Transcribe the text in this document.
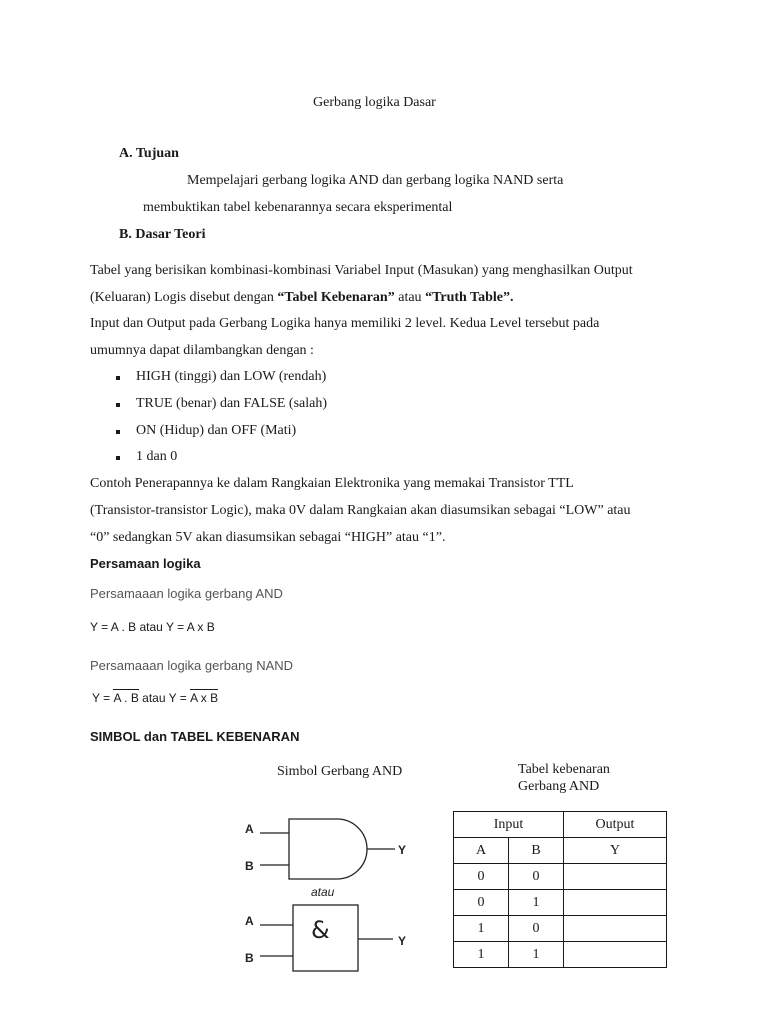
Gerbang logika Dasar
A. Tujuan
Mempelajari gerbang logika AND dan gerbang logika NAND serta
membuktikan tabel kebenarannya secara eksperimental
B. Dasar Teori
Tabel yang berisikan kombinasi-kombinasi Variabel Input (Masukan) yang menghasilkan Output
(Keluaran) Logis disebut dengan “Tabel Kebenaran” atau “Truth Table”.
Input dan Output pada Gerbang Logika hanya memiliki 2 level. Kedua Level tersebut pada
umumnya dapat dilambangkan dengan :
HIGH (tinggi) dan LOW (rendah)
TRUE (benar) dan FALSE (salah)
ON (Hidup) dan OFF (Mati)
1 dan 0
Contoh Penerapannya ke dalam Rangkaian Elektronika yang memakai Transistor TTL
(Transistor-transistor Logic), maka 0V dalam Rangkaian akan diasumsikan sebagai “LOW” atau
“0” sedangkan 5V akan diasumsikan sebagai “HIGH” atau “1”.
Persamaan logika
Persamaaan logika gerbang AND
Y = A . B atau Y = A x B
Persamaaan logika gerbang NAND
Y = A . B atau Y = A x B
SIMBOL dan TABEL KEBENARAN
Simbol Gerbang AND	Tabel kebenaran
Gerbang AND
A
B
Y
atau
&
A
B
Y
Input		Output
A	B	Y
0	0	
0	1	
1	0	
1	1	
